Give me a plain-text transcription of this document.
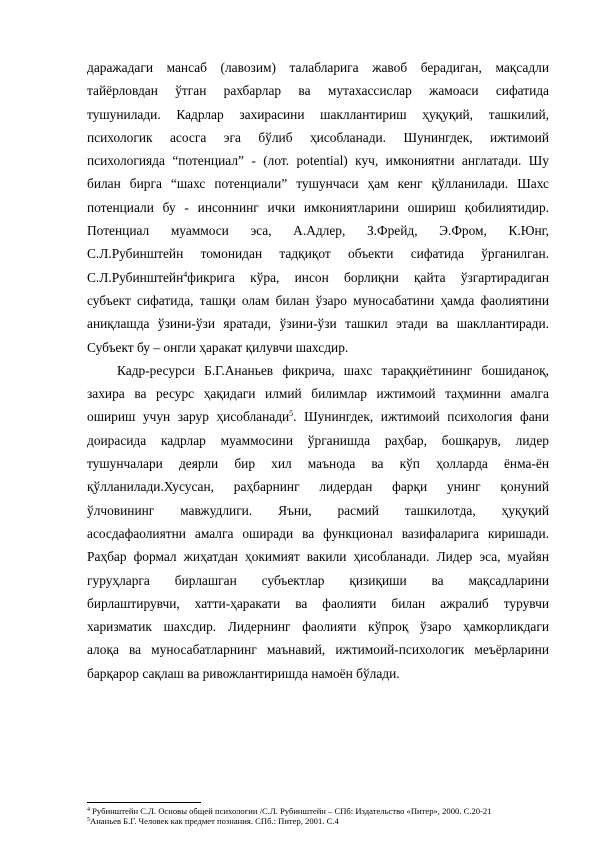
даражадаги мансаб (лавозим) талабларига жавоб берадиган, мақсадли
тайёрловдан ўтган рахбарлар ва мутахассислар жамоаси сифатида
тушунилади. Кадрлар захирасини шакллантириш ҳуқуқий, ташкилий,
психологик асосга эга бўлиб ҳисобланади. Шунингдек, ижтимоий
психологияда “потенциал” - (лот. potential) куч, имкониятни англатади. Шу
билан бирга “шахс потенциали” тушунчаси ҳам кенг қўлланилади. Шахс
потенциали бу - инсоннинг ички имкониятларини ошириш қобилиятидир.
Потенциал муаммоси эса, А.Адлер, З.Фрейд, Э.Фром, К.Юнг,
С.Л.Рубинштейн томонидан тадқиқот объекти сифатида ўрганилган.
С.Л.Рубинштейн$^4$фикрига кўра, инсон борлиқни қайта ўзгартирадиган
субъект сифатида, ташқи олам билан ўзаро муносабатини ҳамда фаолиятини
аниқлашда ўзини-ўзи яратади, ўзини-ўзи ташкил этади ва шакллантиради.
Субъект бу – онгли ҳаракат қилувчи шахсдир.

Кадр-ресурси Б.Г.Ананьев фикрича, шахс тараққиётининг бошиданоқ,
захира ва ресурс ҳақидаги илмий билимлар ижтимоий таҳминни амалга
ошириш учун зарур ҳисобланади$^5$. Шунингдек, ижтимоий психология фани
доирасида кадрлар муаммосини ўрганишда раҳбар, бошқарув, лидер
тушунчалари деярли бир хил маънода ва кўп ҳолларда ёнма-ён
қўлланилади.Хусусан, раҳбарнинг лидердан фарқи унинг қонуний
ўлчовининг мавжудлиги. Яъни, расмий ташкилотда, ҳуқуқий
асосдафаолиятни амалга оширади ва функционал вазифаларига киришади.
Раҳбар формал жиҳатдан ҳокимият вакили ҳисобланади. Лидер эса, муайян
гуруҳларга бирлашган субъектлар қизиқиши ва мақсадларини
бирлаштирувчи, хатти-ҳаракати ва фаолияти билан ажралиб турувчи
харизматик шахсдир. Лидернинг фаолияти кўпроқ ўзаро ҳамкорликдаги
алоқа ва муносабатларнинг маънавий, ижтимоий-психологик меъёрларини
барқарор сақлаш ва ривожлантиришда намоён бўлади.

$^4$ Рубинштейн С.Л. Основы общей психологии /С.Л. Рубинштейн – СПб: Издательство «Питер», 2000. С.20-21

$^5$Ананьев Б.Г. Человек как предмет познания. СПб.: Питер, 2001. С.4
